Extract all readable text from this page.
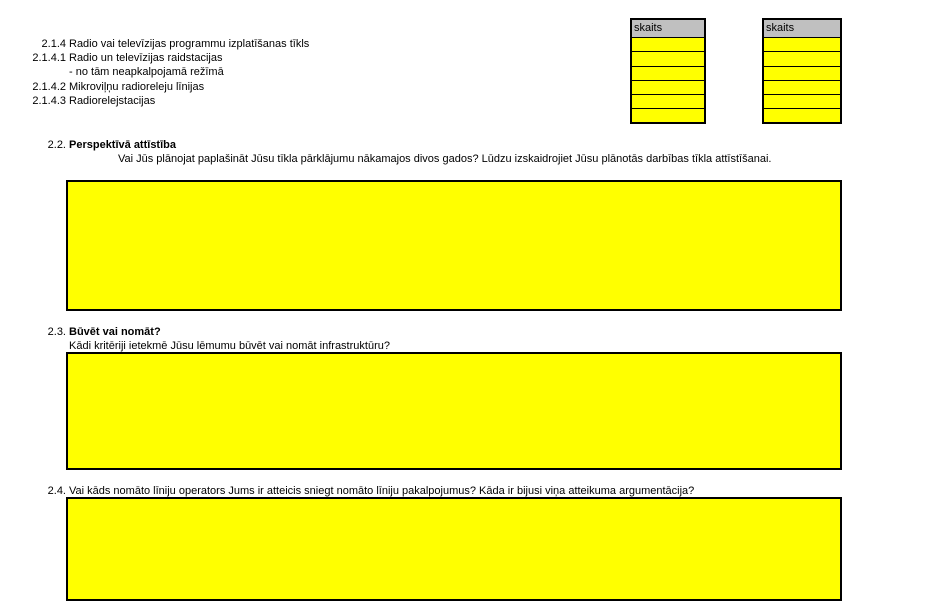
2.1.4 Radio vai televīzijas programmu izplatīšanas tīkls
2.1.4.1 Radio un televīzijas raidstacijas
- no tām neapkalpojamā režīmā
2.1.4.2 Mikroviļņu radioreleju līnijas
2.1.4.3 Radiorelejstacijas
skaits	skaits
2.2. Perspektīvā attīstība
Vai Jūs plānojat paplašināt Jūsu tīkla pārklājumu nākamajos divos gados? Lūdzu izskaidrojiet Jūsu plānotās darbības tīkla attīstīšanai.
2.3. Būvēt vai nomāt?
Kādi kritēriji ietekmē Jūsu lēmumu būvēt vai nomāt infrastruktūru?
2.4. Vai kāds nomāto līniju operators Jums ir atteicis sniegt nomāto līniju pakalpojumus? Kāda ir bijusi viņa atteikuma argumentācija?
